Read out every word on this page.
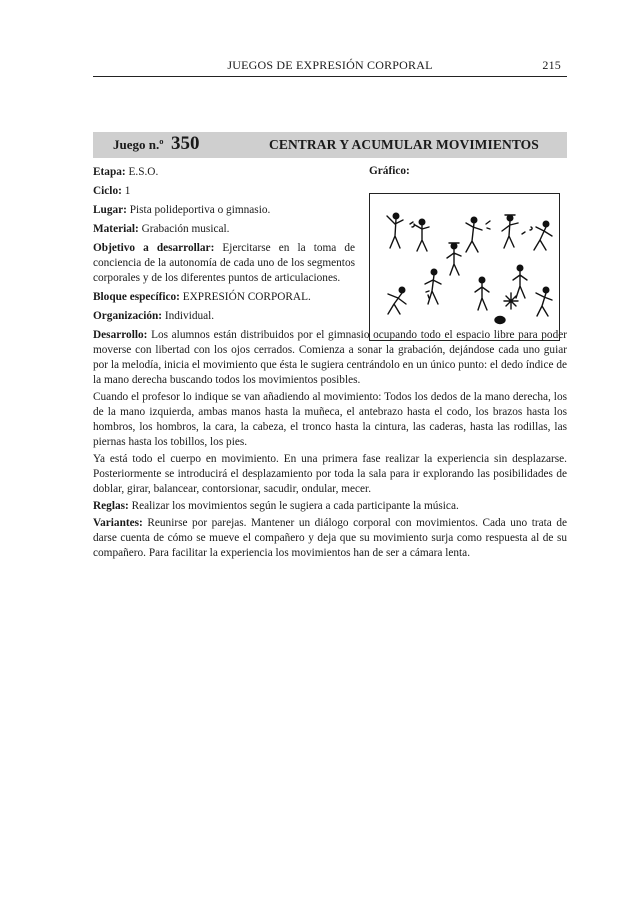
JUEGOS DE EXPRESIÓN CORPORAL	215
Juego n.º 350	CENTRAR Y ACUMULAR MOVIMIENTOS
Gráfico:

Etapa: E.S.O.

Ciclo: 1

Lugar: Pista polideportiva o gimnasio.

Material: Grabación musical.

Objetivo a desarrollar: Ejercitarse en la toma de conciencia de la autonomía de cada uno de los segmentos corporales y de los diferentes puntos de articulaciones.

Bloque específico: EXPRESIÓN CORPORAL.

Organización: Individual.

Desarrollo: Los alumnos están distribuidos por el gimnasio ocupando todo el espacio libre para poder moverse con libertad con los ojos cerrados. Comienza a sonar la grabación, dejándose cada uno guiar por la melodía, inicia el movimiento que ésta le sugiera centrándolo en un único punto: el dedo índice de la mano derecha buscando todos los movimientos posibles.

Cuando el profesor lo indique se van añadiendo al movimiento: Todos los dedos de la mano derecha, los de la mano izquierda, ambas manos hasta la muñeca, el antebrazo hasta el codo, los brazos hasta los hombros, los hombros, la cara, la cabeza, el tronco hasta la cintura, las caderas, hasta las rodillas, las piernas hasta los tobillos, los pies.

Ya está todo el cuerpo en movimiento. En una primera fase realizar la experiencia sin desplazarse. Posteriormente se introducirá el desplazamiento por toda la sala para ir explorando las posibilidades de doblar, girar, balancear, contorsionar, sacudir, ondular, mecer.

Reglas: Realizar los movimientos según le sugiera a cada participante la música.

Variantes: Reunirse por parejas. Mantener un diálogo corporal con movimientos. Cada uno trata de darse cuenta de cómo se mueve el compañero y deja que su movimiento surja como respuesta al de su compañero. Para facilitar la experiencia los movimientos han de ser a cámara lenta.
